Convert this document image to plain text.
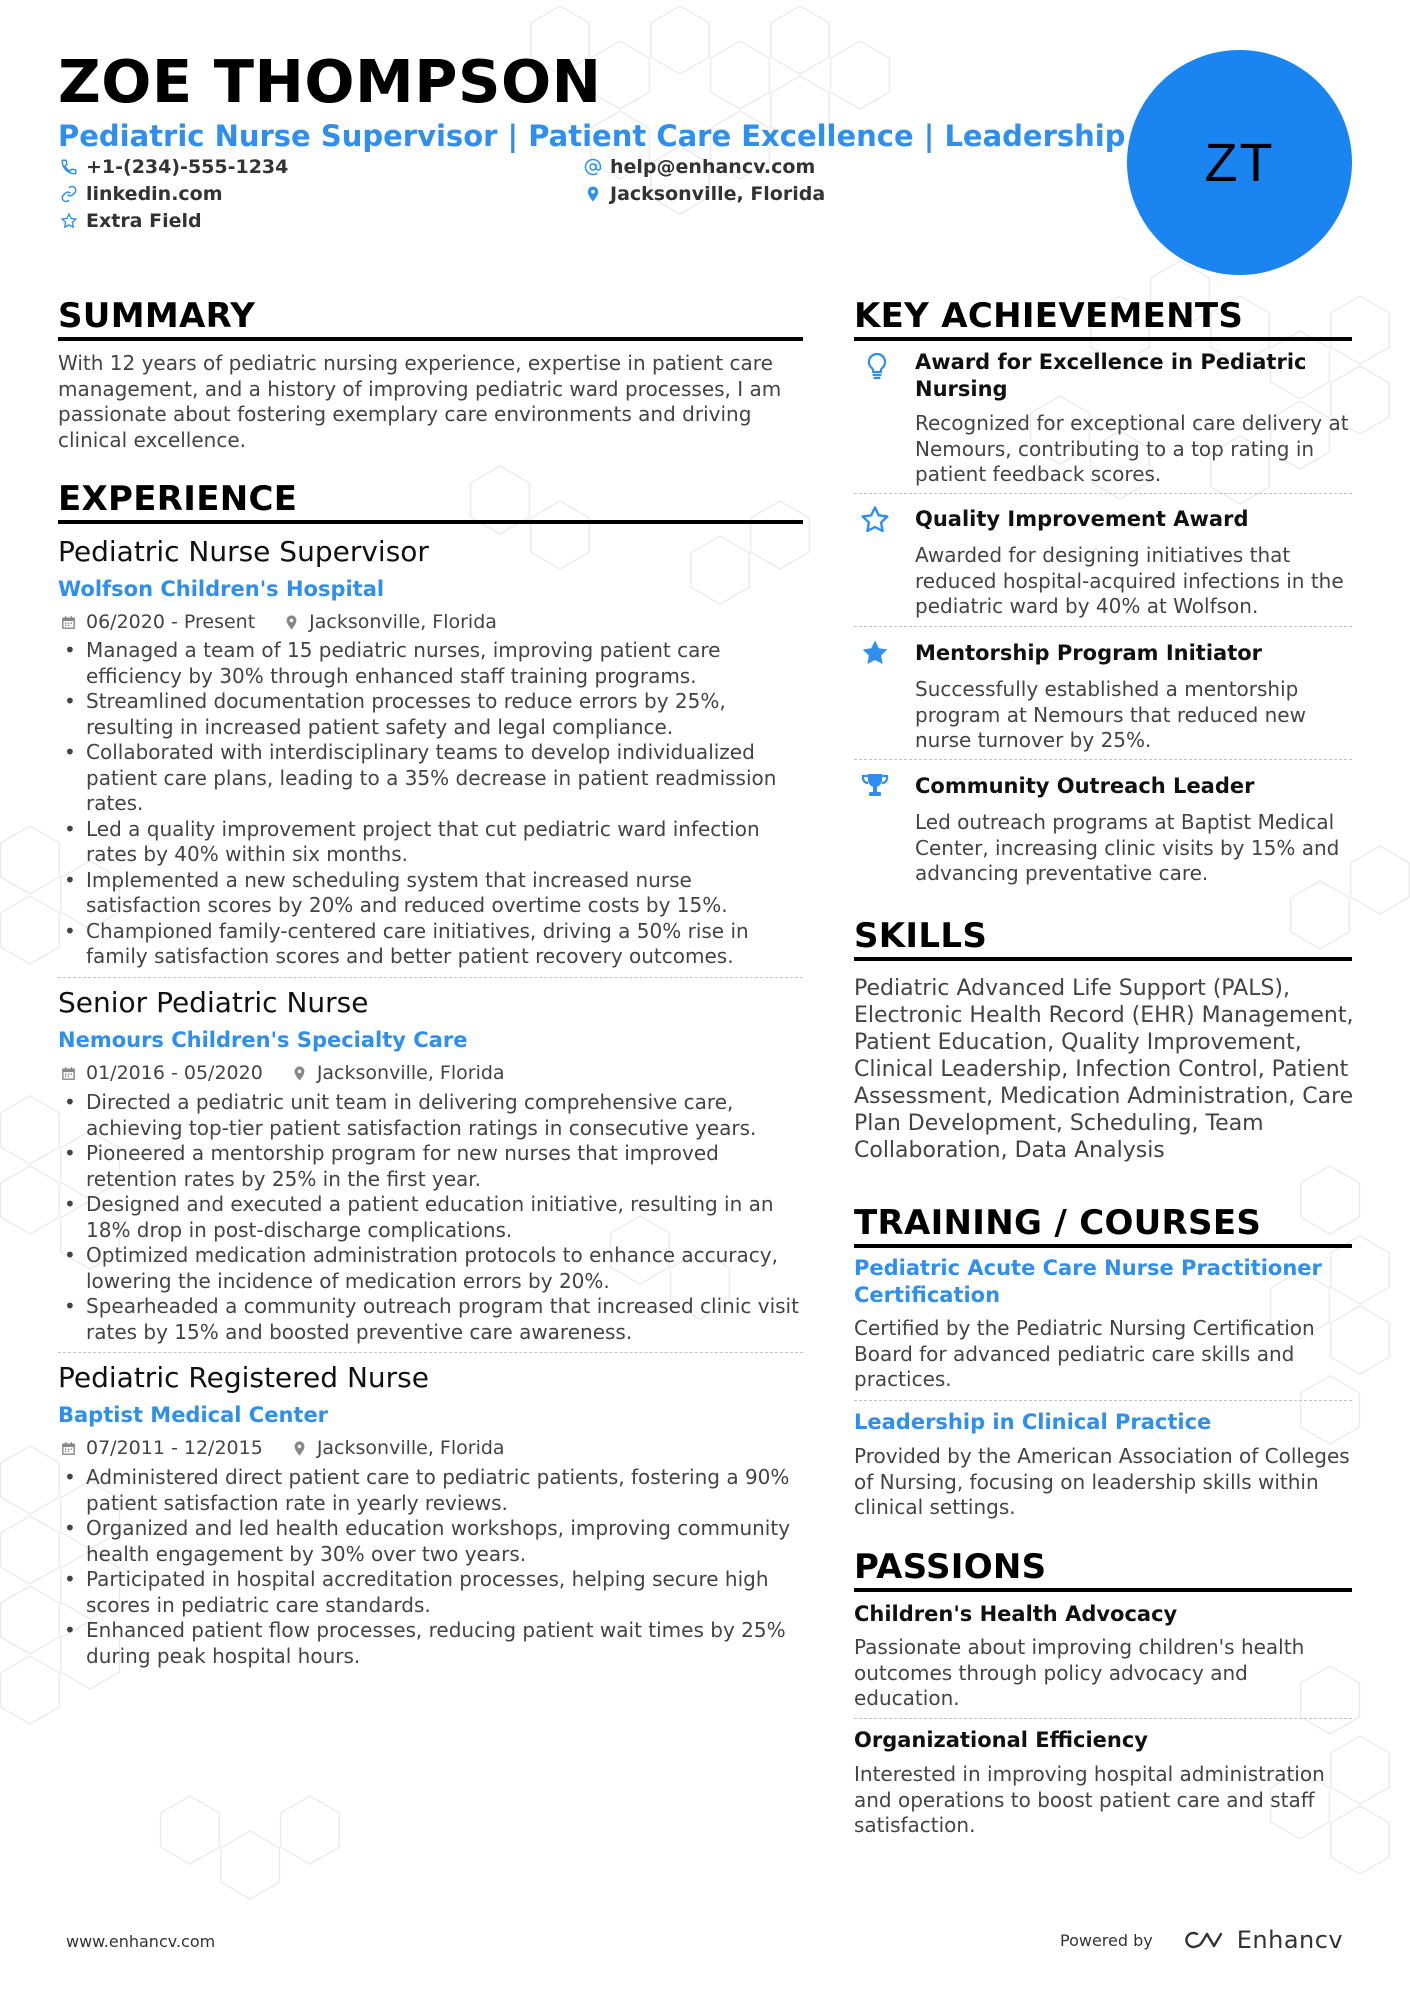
ZOE THOMPSON
Pediatric Nurse Supervisor | Patient Care Excellence | Leadership
+1-(234)-555-1234	help@enhancv.com
linkedin.com	Jacksonville, Florida
Extra Field
ZT
SUMMARY
With 12 years of pediatric nursing experience, expertise in patient care management, and a history of improving pediatric ward processes, I am passionate about fostering exemplary care environments and driving clinical excellence.
EXPERIENCE
Pediatric Nurse Supervisor
Wolfson Children's Hospital
06/2020 - Present	Jacksonville, Florida
• Managed a team of 15 pediatric nurses, improving patient care efficiency by 30% through enhanced staff training programs.
• Streamlined documentation processes to reduce errors by 25%, resulting in increased patient safety and legal compliance.
• Collaborated with interdisciplinary teams to develop individualized patient care plans, leading to a 35% decrease in patient readmission rates.
• Led a quality improvement project that cut pediatric ward infection rates by 40% within six months.
• Implemented a new scheduling system that increased nurse satisfaction scores by 20% and reduced overtime costs by 15%.
• Championed family-centered care initiatives, driving a 50% rise in family satisfaction scores and better patient recovery outcomes.
Senior Pediatric Nurse
Nemours Children's Specialty Care
01/2016 - 05/2020	Jacksonville, Florida
• Directed a pediatric unit team in delivering comprehensive care, achieving top-tier patient satisfaction ratings in consecutive years.
• Pioneered a mentorship program for new nurses that improved retention rates by 25% in the first year.
• Designed and executed a patient education initiative, resulting in an 18% drop in post-discharge complications.
• Optimized medication administration protocols to enhance accuracy, lowering the incidence of medication errors by 20%.
• Spearheaded a community outreach program that increased clinic visit rates by 15% and boosted preventive care awareness.
Pediatric Registered Nurse
Baptist Medical Center
07/2011 - 12/2015	Jacksonville, Florida
• Administered direct patient care to pediatric patients, fostering a 90% patient satisfaction rate in yearly reviews.
• Organized and led health education workshops, improving community health engagement by 30% over two years.
• Participated in hospital accreditation processes, helping secure high scores in pediatric care standards.
• Enhanced patient flow processes, reducing patient wait times by 25% during peak hospital hours.
KEY ACHIEVEMENTS
Award for Excellence in Pediatric Nursing
Recognized for exceptional care delivery at Nemours, contributing to a top rating in patient feedback scores.
Quality Improvement Award
Awarded for designing initiatives that reduced hospital-acquired infections in the pediatric ward by 40% at Wolfson.
Mentorship Program Initiator
Successfully established a mentorship program at Nemours that reduced new nurse turnover by 25%.
Community Outreach Leader
Led outreach programs at Baptist Medical Center, increasing clinic visits by 15% and advancing preventative care.
SKILLS
Pediatric Advanced Life Support (PALS), Electronic Health Record (EHR) Management, Patient Education, Quality Improvement, Clinical Leadership, Infection Control, Patient Assessment, Medication Administration, Care Plan Development, Scheduling, Team Collaboration, Data Analysis
TRAINING / COURSES
Pediatric Acute Care Nurse Practitioner Certification
Certified by the Pediatric Nursing Certification Board for advanced pediatric care skills and practices.
Leadership in Clinical Practice
Provided by the American Association of Colleges of Nursing, focusing on leadership skills within clinical settings.
PASSIONS
Children's Health Advocacy
Passionate about improving children's health outcomes through policy advocacy and education.
Organizational Efficiency
Interested in improving hospital administration and operations to boost patient care and staff satisfaction.
www.enhancv.com	Powered by	Enhancv
